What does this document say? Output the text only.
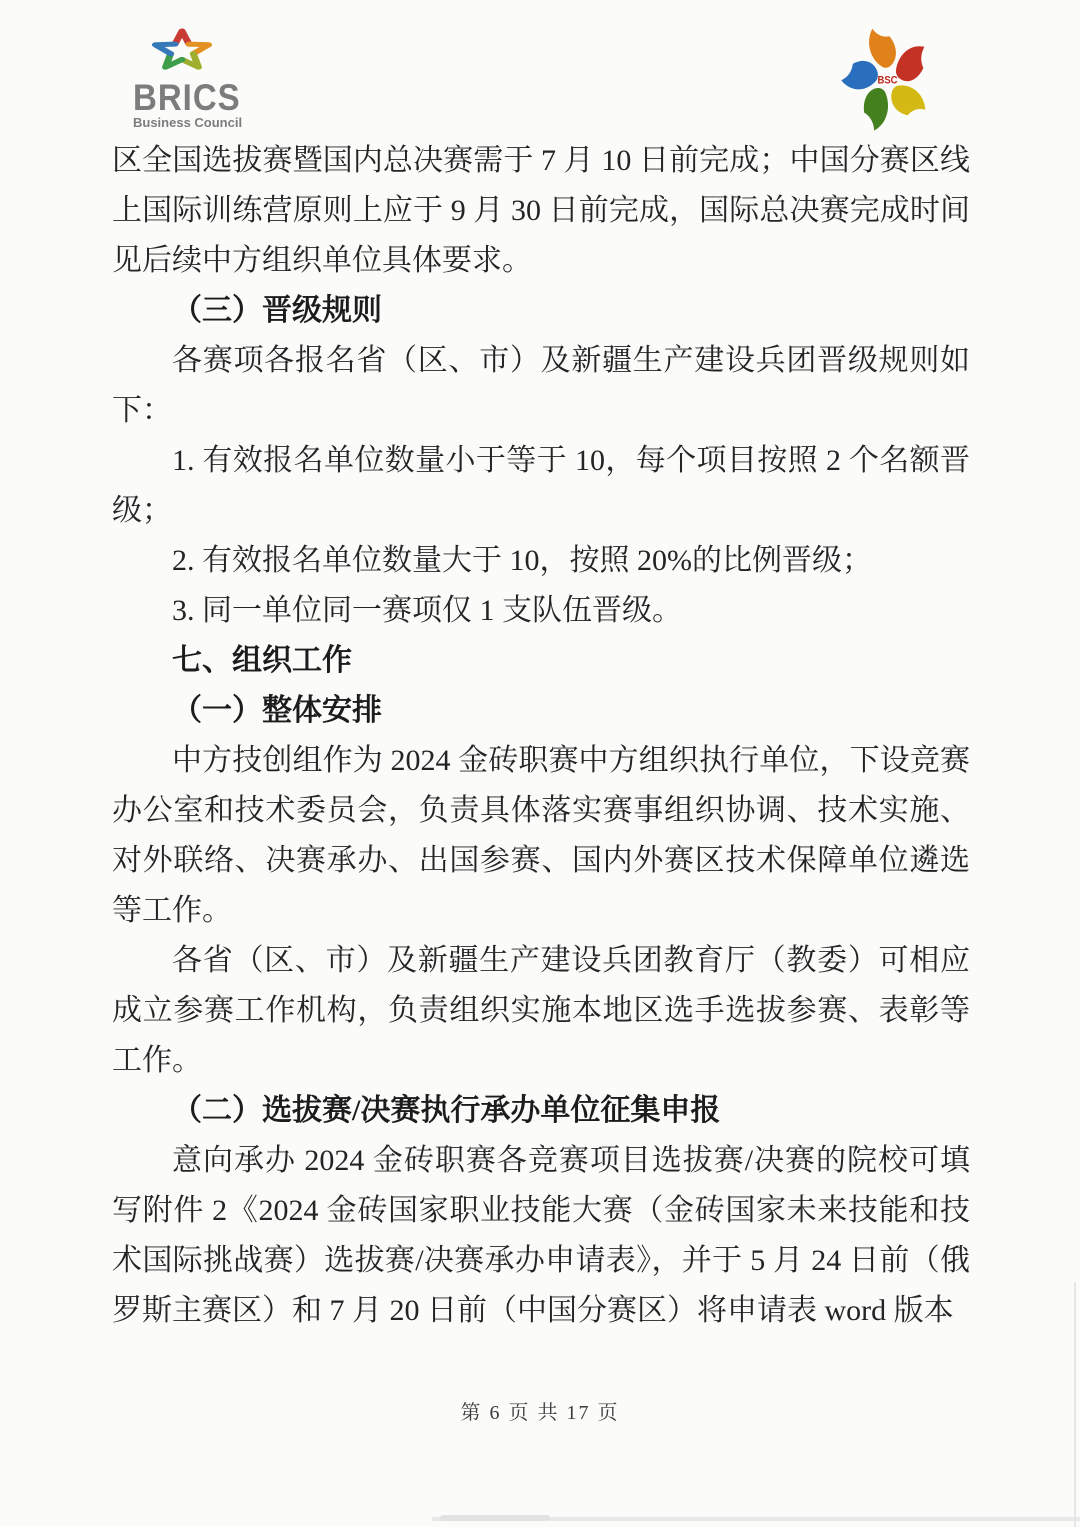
BRICS
Business Council
BSC

区全国选拔赛暨国内总决赛需于 7 月 10 日前完成；中国分赛区线上国际训练营原则上应于 9 月 30 日前完成，国际总决赛完成时间见后续中方组织单位具体要求。

（三）晋级规则

各赛项各报名省（区、市）及新疆生产建设兵团晋级规则如下：

1. 有效报名单位数量小于等于 10，每个项目按照 2 个名额晋级；

2. 有效报名单位数量大于 10，按照 20%的比例晋级；

3. 同一单位同一赛项仅 1 支队伍晋级。

七、组织工作

（一）整体安排

中方技创组作为 2024 金砖职赛中方组织执行单位，下设竞赛办公室和技术委员会，负责具体落实赛事组织协调、技术实施、对外联络、决赛承办、出国参赛、国内外赛区技术保障单位遴选等工作。

各省（区、市）及新疆生产建设兵团教育厅（教委）可相应成立参赛工作机构，负责组织实施本地区选手选拔参赛、表彰等工作。

（二）选拔赛/决赛执行承办单位征集申报

意向承办 2024 金砖职赛各竞赛项目选拔赛/决赛的院校可填写附件 2《2024 金砖国家职业技能大赛（金砖国家未来技能和技术国际挑战赛）选拔赛/决赛承办申请表》，并于 5 月 24 日前（俄罗斯主赛区）和 7 月 20 日前（中国分赛区）将申请表 word 版本

第 6 页 共 17 页
